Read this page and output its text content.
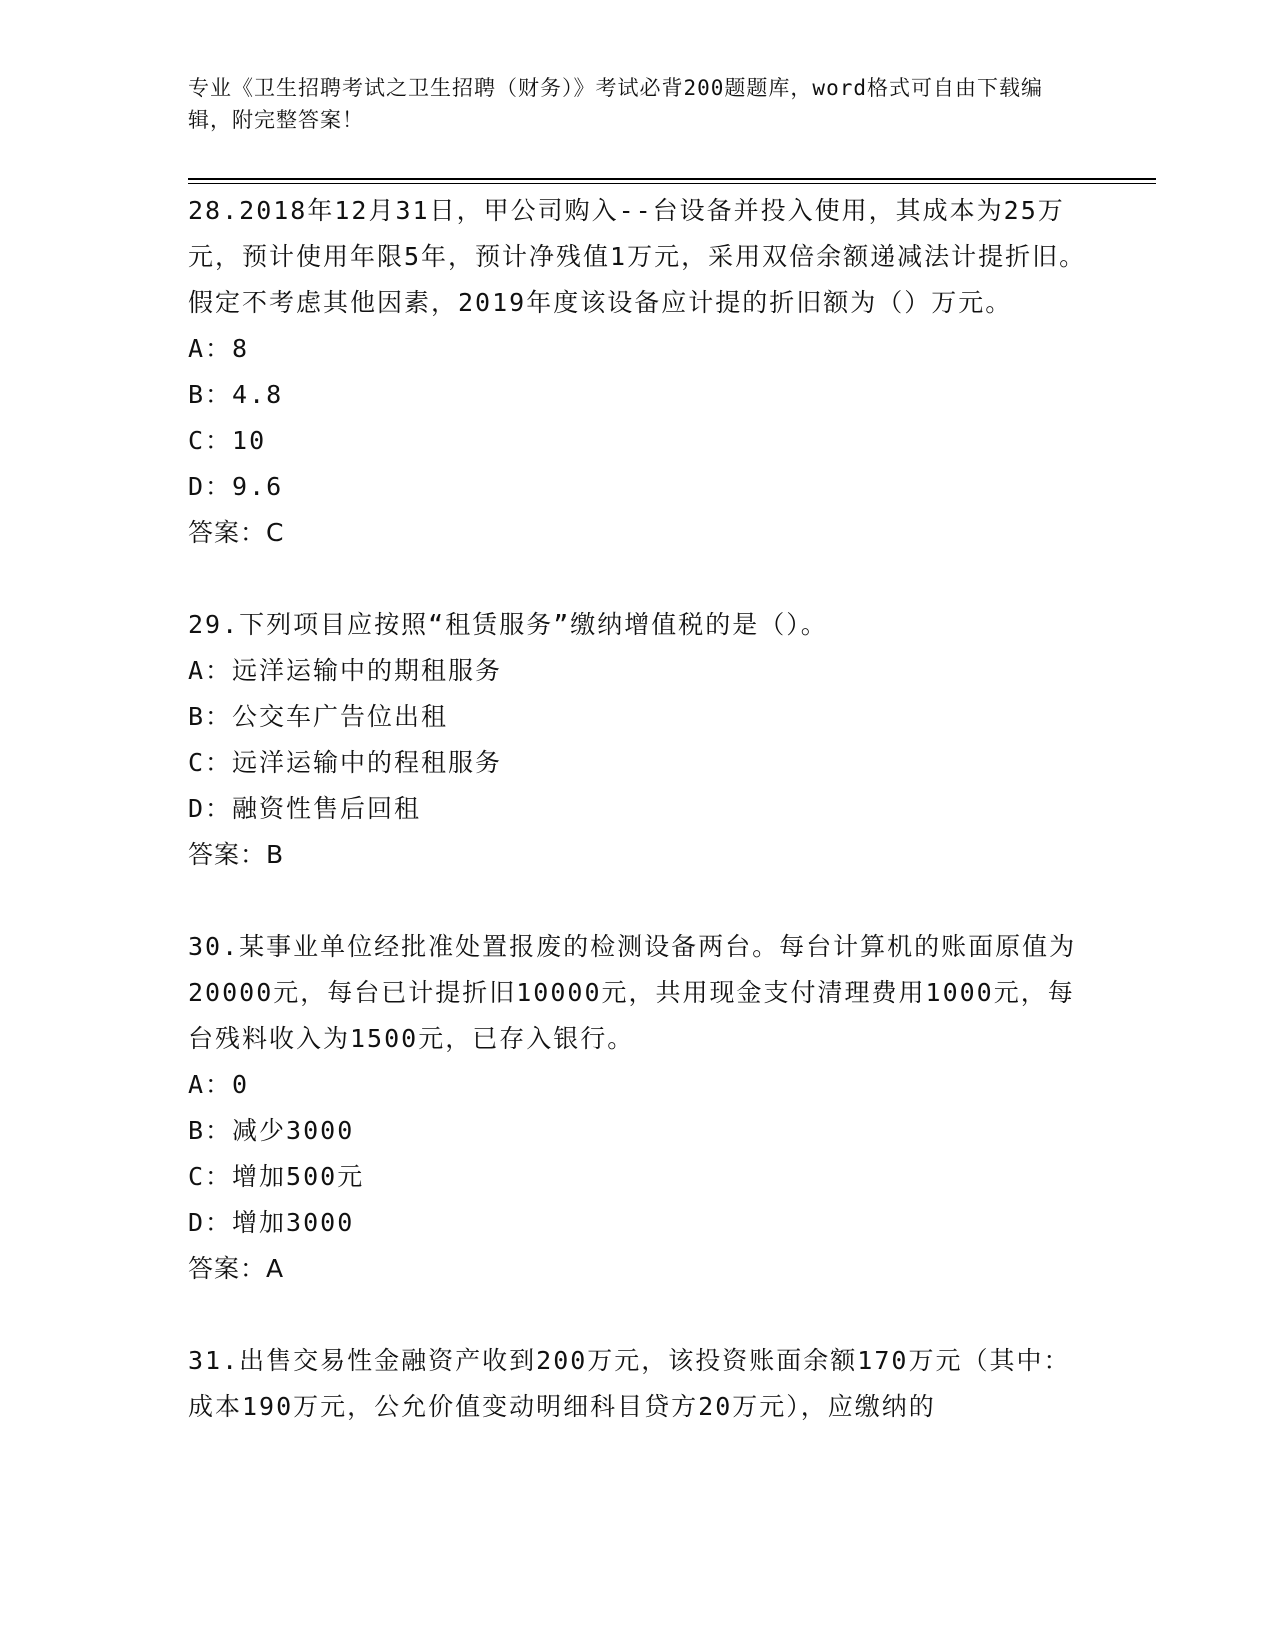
专业《卫生招聘考试之卫生招聘（财务）》考试必背200题题库，word格式可自由下载编辑，附完整答案！

28.2018年12月31日，甲公司购入--台设备并投入使用，其成本为25万元，预计使用年限5年，预计净残值1万元，采用双倍余额递减法计提折旧。假定不考虑其他因素，2019年度该设备应计提的折旧额为（）万元。

A：8
B：4.8
C：10
D：9.6
答案：C

29.下列项目应按照“租赁服务”缴纳增值税的是（）。

A：远洋运输中的期租服务
B：公交车广告位出租
C：远洋运输中的程租服务
D：融资性售后回租
答案：B

30.某事业单位经批准处置报废的检测设备两台。每台计算机的账面原值为20000元，每台已计提折旧10000元，共用现金支付清理费用1000元，每台残料收入为1500元，已存入银行。

A：0
B：减少3000
C：增加500元
D：增加3000
答案：A

31.出售交易性金融资产收到200万元，该投资账面余额170万元（其中：成本190万元，公允价值变动明细科目贷方20万元），应缴纳的
